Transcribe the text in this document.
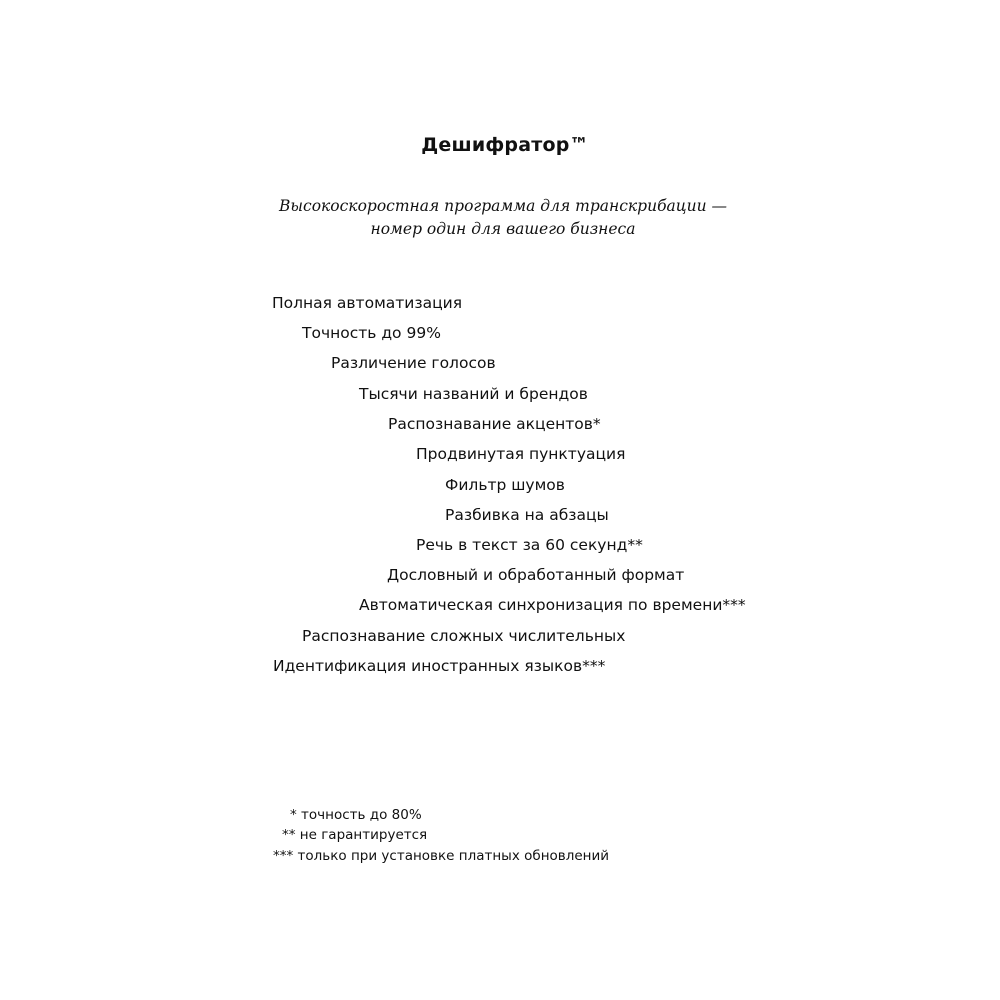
Дешифратор™
Высокоскоростная программа для транскрибации —
номер один для вашего бизнеса
Полная автоматизация
Точность до 99%
Различение голосов
Тысячи названий и брендов
Распознавание акцентов*
Продвинутая пунктуация
Фильтр шумов
Разбивка на абзацы
Речь в текст за 60 секунд**
Дословный и обработанный формат
Автоматическая синхронизация по времени***
Распознавание сложных числительных
Идентификация иностранных языков***
* точность до 80%
** не гарантируется
*** только при установке платных обновлений
